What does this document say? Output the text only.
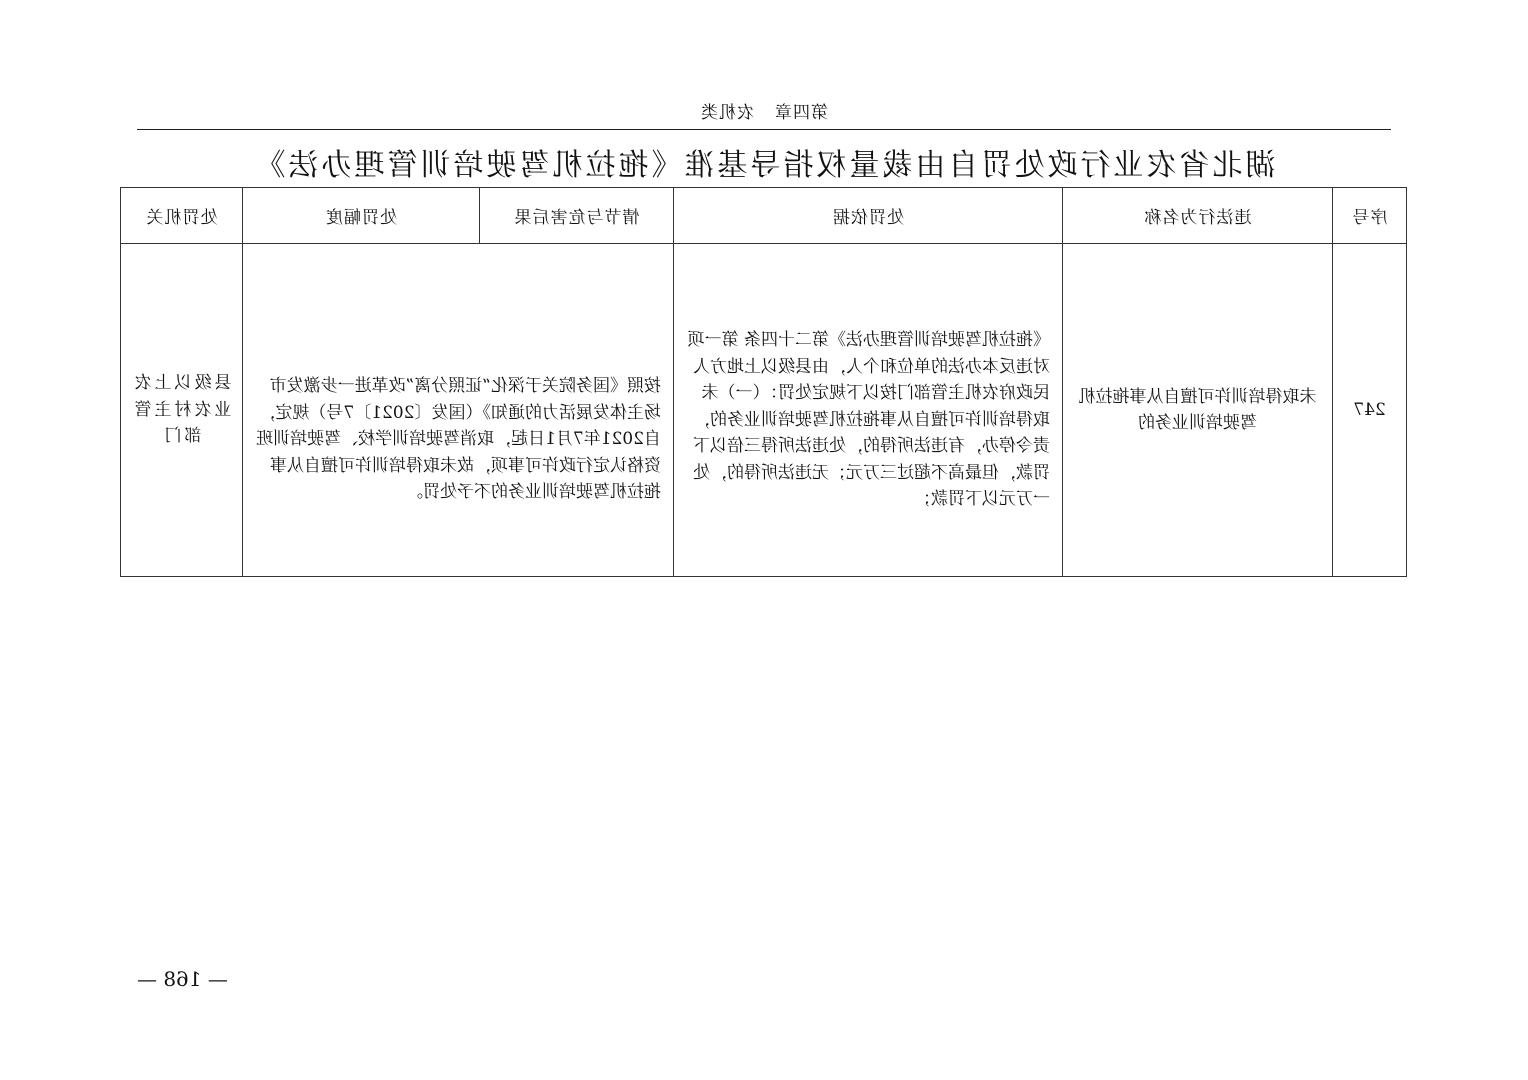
第四章农机类
湖北省农业行政处罚自由裁量权指导基准《拖拉机驾驶培训管理办法》
序号	违法行为名称	处罚依据	情节与危害后果	处罚幅度	处罚机关
247	未取得培训许可擅自从事拖拉机驾驶培训业务的	《拖拉机驾驶培训管理办法》第二十四条 第一项 对违反本办法的单位和个人，由县级以上地方人民政府农机主管部门按以下规定处罚：（一）未取得培训许可擅自从事拖拉机驾驶培训业务的，责令停办，有违法所得的，处违法所得三倍以下罚款，但最高不超过三万元；无违法所得的，处一万元以下罚款；	按照《国务院关于深化“证照分离”改革进一步激发市场主体发展活力的通知》（国发〔2021〕7号）规定，自2021年7月1日起，取消驾驶培训学校、驾驶培训班资格认定行政许可事项，故未取得培训许可擅自从事拖拉机驾驶培训业务的不予处罚。		县级以上农业农村主管部门
— 168 —
